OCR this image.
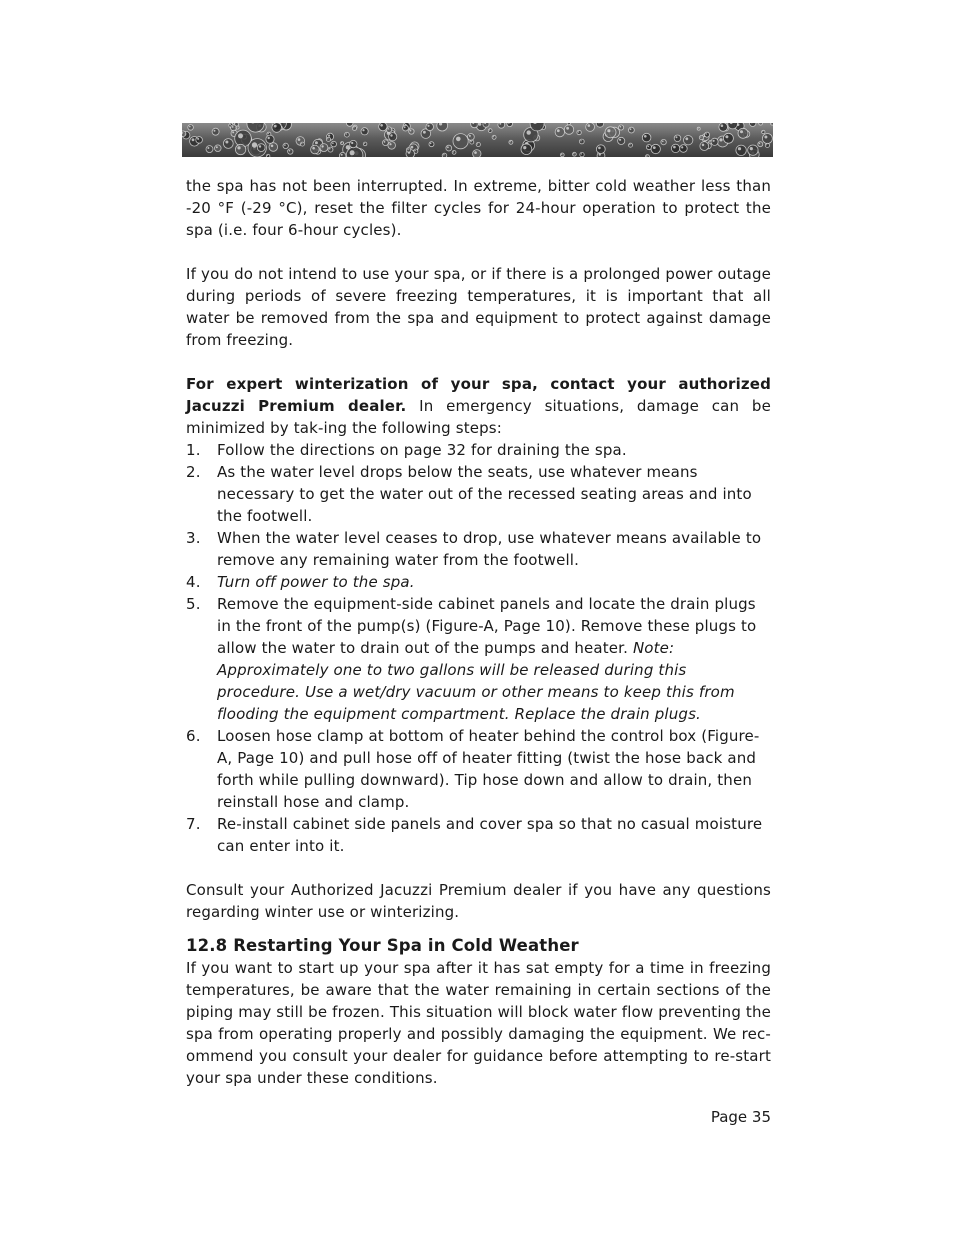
the spa has not been interrupted. In extreme, bitter cold weather less than -20 °F (-29 °C), reset the filter cycles for 24-hour operation to protect the spa (i.e. four 6-hour cycles).

If you do not intend to use your spa, or if there is a prolonged power outage during periods of severe freezing temperatures, it is important that all water be removed from the spa and equipment to protect against damage from freezing.

For expert winterization of your spa, contact your authorized Jacuzzi Premium dealer. In emergency situations, damage can be minimized by tak-ing the following steps:

1. Follow the directions on page 32 for draining the spa.
2. As the water level drops below the seats, use whatever means necessary to get the water out of the recessed seating areas and into the footwell.
3. When the water level ceases to drop, use whatever means available to remove any remaining water from the footwell.
4. Turn off power to the spa.
5. Remove the equipment-side cabinet panels and locate the drain plugs in the front of the pump(s) (Figure-A, Page 10). Remove these plugs to allow the water to drain out of the pumps and heater. Note: Approximately one to two gallons will be released during this procedure. Use a wet/dry vacuum or other means to keep this from flooding the equipment compartment. Replace the drain plugs.
6. Loosen hose clamp at bottom of heater behind the control box (Figure-A, Page 10) and pull hose off of heater fitting (twist the hose back and forth while pulling downward). Tip hose down and allow to drain, then reinstall hose and clamp.
7. Re-install cabinet side panels and cover spa so that no casual moisture can enter into it.

Consult your Authorized Jacuzzi Premium dealer if you have any questions regarding winter use or winterizing.

12.8 Restarting Your Spa in Cold Weather

If you want to start up your spa after it has sat empty for a time in freezing temperatures, be aware that the water remaining in certain sections of the piping may still be frozen. This situation will block water flow preventing the spa from operating properly and possibly damaging the equipment. We rec-ommend you consult your dealer for guidance before attempting to re-start your spa under these conditions.

Page 35
